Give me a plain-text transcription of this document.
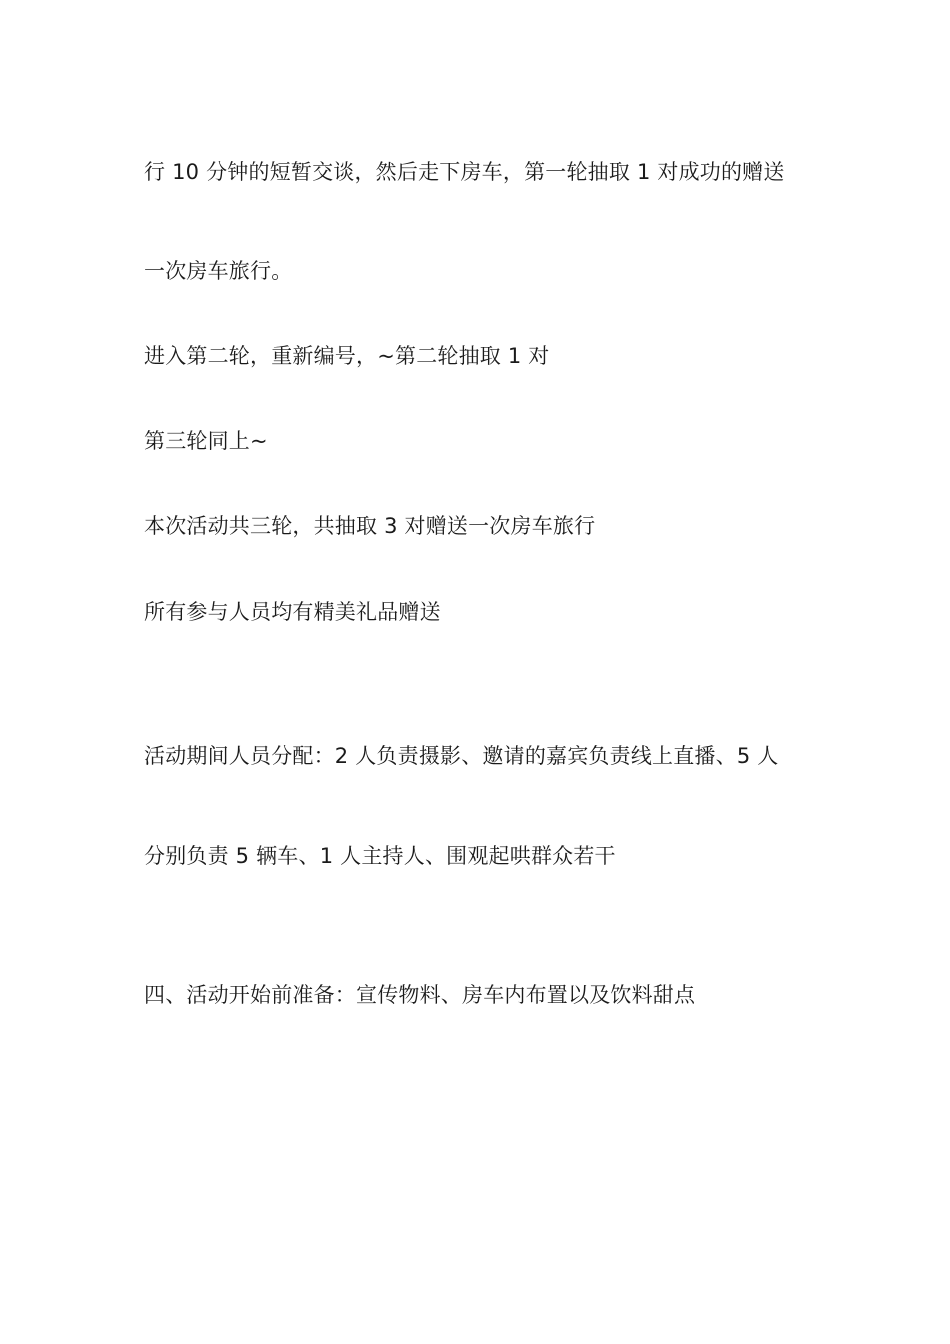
行 10 分钟的短暂交谈，然后走下房车，第一轮抽取 1 对成功的赠送

一次房车旅行。

进入第二轮，重新编号，~第二轮抽取 1 对

第三轮同上~

本次活动共三轮，共抽取 3 对赠送一次房车旅行

所有参与人员均有精美礼品赠送

活动期间人员分配：2 人负责摄影、邀请的嘉宾负责线上直播、5 人

分别负责 5 辆车、1 人主持人、围观起哄群众若干

四、活动开始前准备：宣传物料、房车内布置以及饮料甜点
